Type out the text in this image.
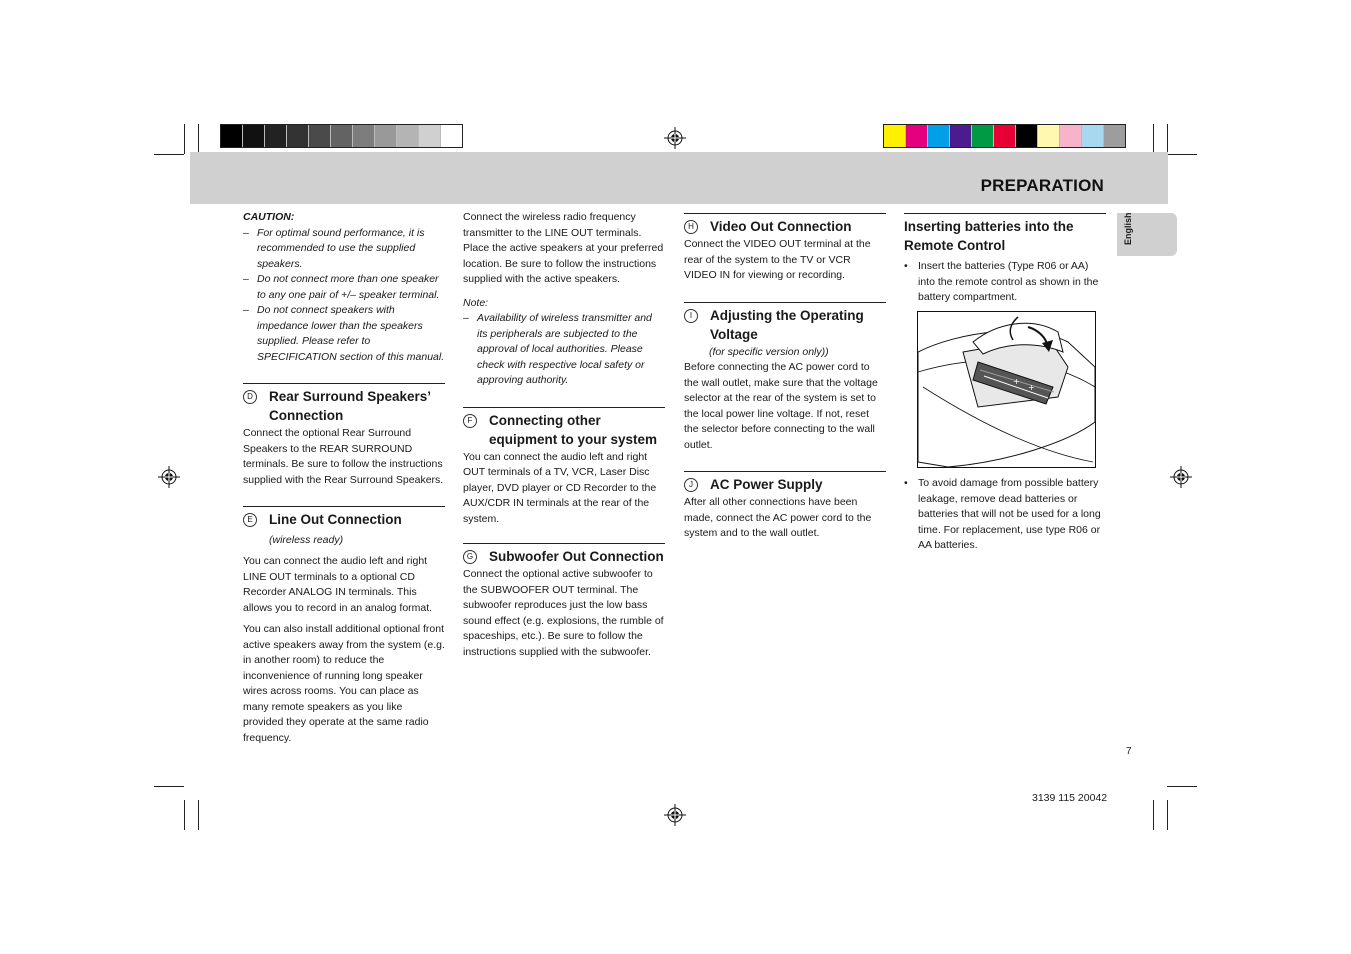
PREPARATION
English
CAUTION:
– For optimal sound performance, it is recommended to use the supplied speakers.
– Do not connect more than one speaker to any one pair of +/– speaker terminal.
– Do not connect speakers with impedance lower than the speakers supplied. Please refer to SPECIFICATION section of this manual.
D	Rear Surround Speakers’ Connection

Connect the optional Rear Surround Speakers to the REAR SURROUND terminals. Be sure to follow the instructions supplied with the Rear Surround Speakers.

E	Line Out Connection (wireless ready)

You can connect the audio left and right LINE OUT terminals to a optional CD Recorder ANALOG IN terminals. This allows you to record in an analog format.

You can also install additional optional front active speakers away from the system (e.g. in another room) to reduce the inconvenience of running long speaker wires across rooms. You can place as many remote speakers as you like provided they operate at the same radio frequency.

Connect the wireless radio frequency transmitter to the LINE OUT terminals. Place the active speakers at your preferred location. Be sure to follow the instructions supplied with the active speakers.

Note:
– Availability of wireless transmitter and its peripherals are subjected to the approval of local authorities. Please check with respective local safety or approving authority.
F	Connecting other equipment to your system

You can connect the audio left and right OUT terminals of a TV, VCR, Laser Disc player, DVD player or CD Recorder to the AUX/CDR IN terminals at the rear of the system.

G Subwoofer Out Connection

Connect the optional active subwoofer to the SUBWOOFER OUT terminal. The subwoofer reproduces just the low bass sound effect (e.g. explosions, the rumble of spaceships, etc.). Be sure to follow the instructions supplied with the subwoofer.

H	Video Out Connection

Connect the VIDEO OUT terminal at the rear of the system to the TV or VCR VIDEO IN for viewing or recording.

I	Adjusting the Operating Voltage
(for specific version only))

Before connecting the AC power cord to the wall outlet, make sure that the voltage selector at the rear of the system is set to the local power line voltage. If not, reset the selector before connecting to the wall outlet.

J	AC Power Supply

After all other connections have been made, connect the AC power cord to the system and to the wall outlet.

Inserting batteries into the Remote Control
• Insert the batteries (Type R06 or AA) into the remote control as shown in the battery compartment.
+
+
• To avoid damage from possible battery leakage, remove dead batteries or batteries that will not be used for a long time. For replacement, use type R06 or AA batteries.
7
3139 115 20042
